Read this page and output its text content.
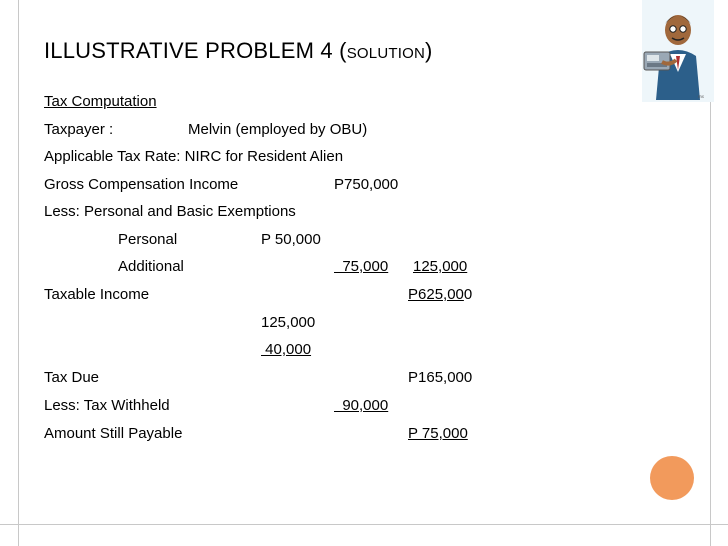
ILLUSTRATIVE PROBLEM 4 (solution)
ms
Tax Computation
Taxpayer :	Melvin (employed by OBU)
Applicable Tax Rate: NIRC for Resident Alien
Gross Compensation Income	P750,000
Less: Personal and Basic Exemptions
Personal	P 50,000
Additional	75,000 125,000
Taxable Income	P625,000
125,000
40,000
Tax Due	P165,000
Less: Tax Withheld	90,000
Amount Still Payable	P 75,000
